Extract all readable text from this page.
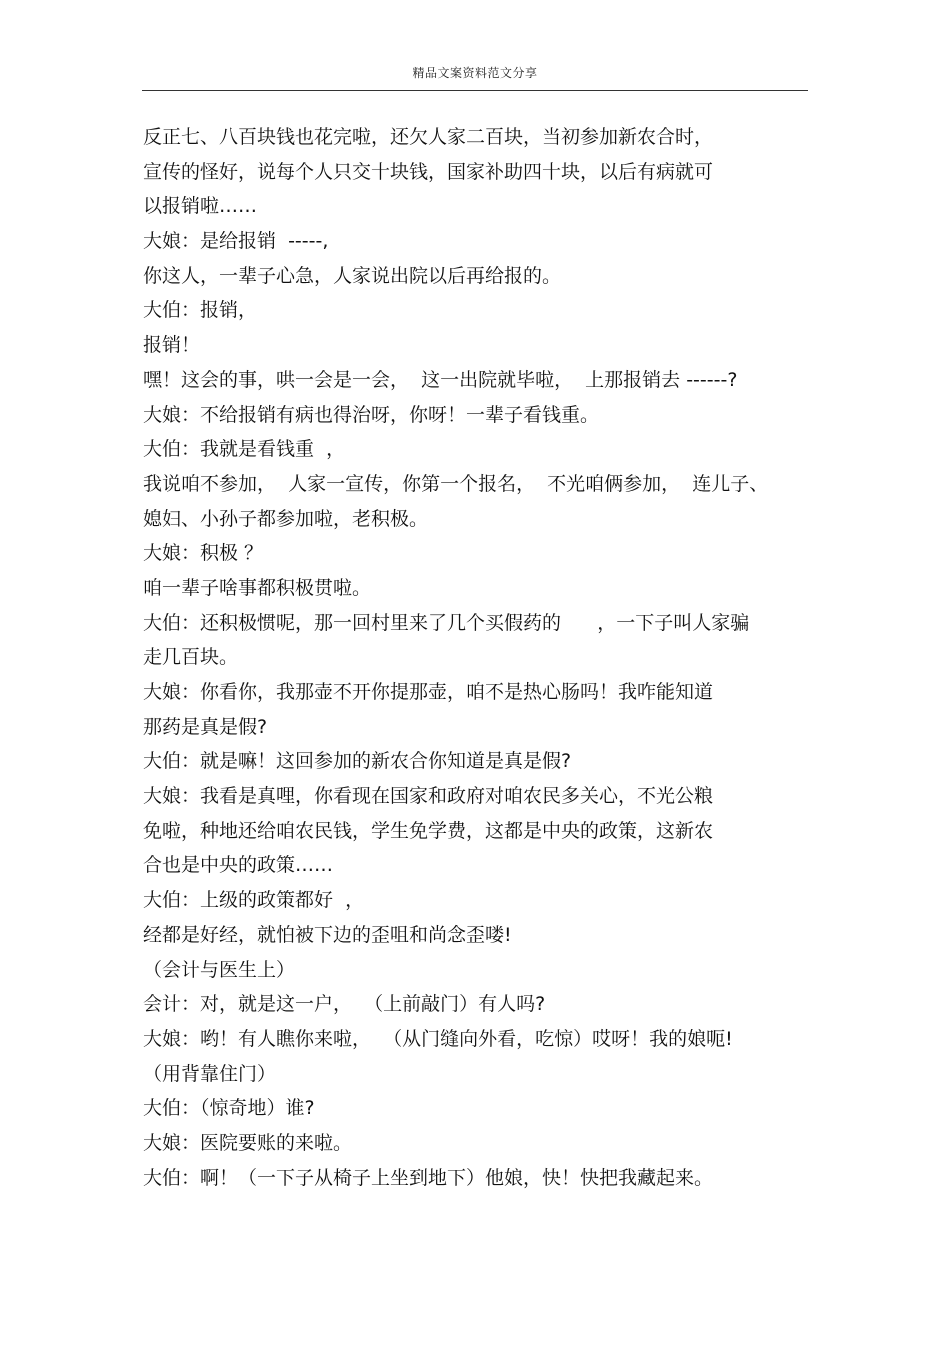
精品文案资料范文分享
反正七、八百块钱也花完啦，还欠人家二百块，当初参加新农合时，
宣传的怪好，说每个人只交十块钱，国家补助四十块，以后有病就可
以报销啦……
大娘：是给报销  -----,
你这人，一辈子心急，人家说出院以后再给报的。
大伯：报销，
报销！
嘿！这会的事，哄一会是一会，  这一出院就毕啦，  上那报销去 ------?
大娘：不给报销有病也得治呀，你呀！一辈子看钱重。
大伯：我就是看钱重  ，
我说咱不参加，  人家一宣传，你第一个报名，  不光咱俩参加，  连儿子、
媳妇、小孙子都参加啦，老积极。
大娘：积极 ？
咱一辈子啥事都积极贯啦。
大伯：还积极惯呢，那一回村里来了几个买假药的      ，一下子叫人家骗
走几百块。
大娘：你看你，我那壶不开你提那壶，咱不是热心肠吗！我咋能知道
那药是真是假?
大伯：就是嘛！这回参加的新农合你知道是真是假?
大娘：我看是真哩，你看现在国家和政府对咱农民多关心，不光公粮
免啦，种地还给咱农民钱，学生免学费，这都是中央的政策，这新农
合也是中央的政策……
大伯：上级的政策都好  ，
经都是好经，就怕被下边的歪咀和尚念歪喽!
（会计与医生上）
会计：对，就是这一户，  （上前敲门）有人吗?
大娘：哟！有人瞧你来啦，  （从门缝向外看，吃惊）哎呀！我的娘呃!
（用背靠住门）
大伯：（惊奇地）谁?
大娘：医院要账的来啦。
大伯：啊！（一下子从椅子上坐到地下）他娘，快！快把我藏起来。
